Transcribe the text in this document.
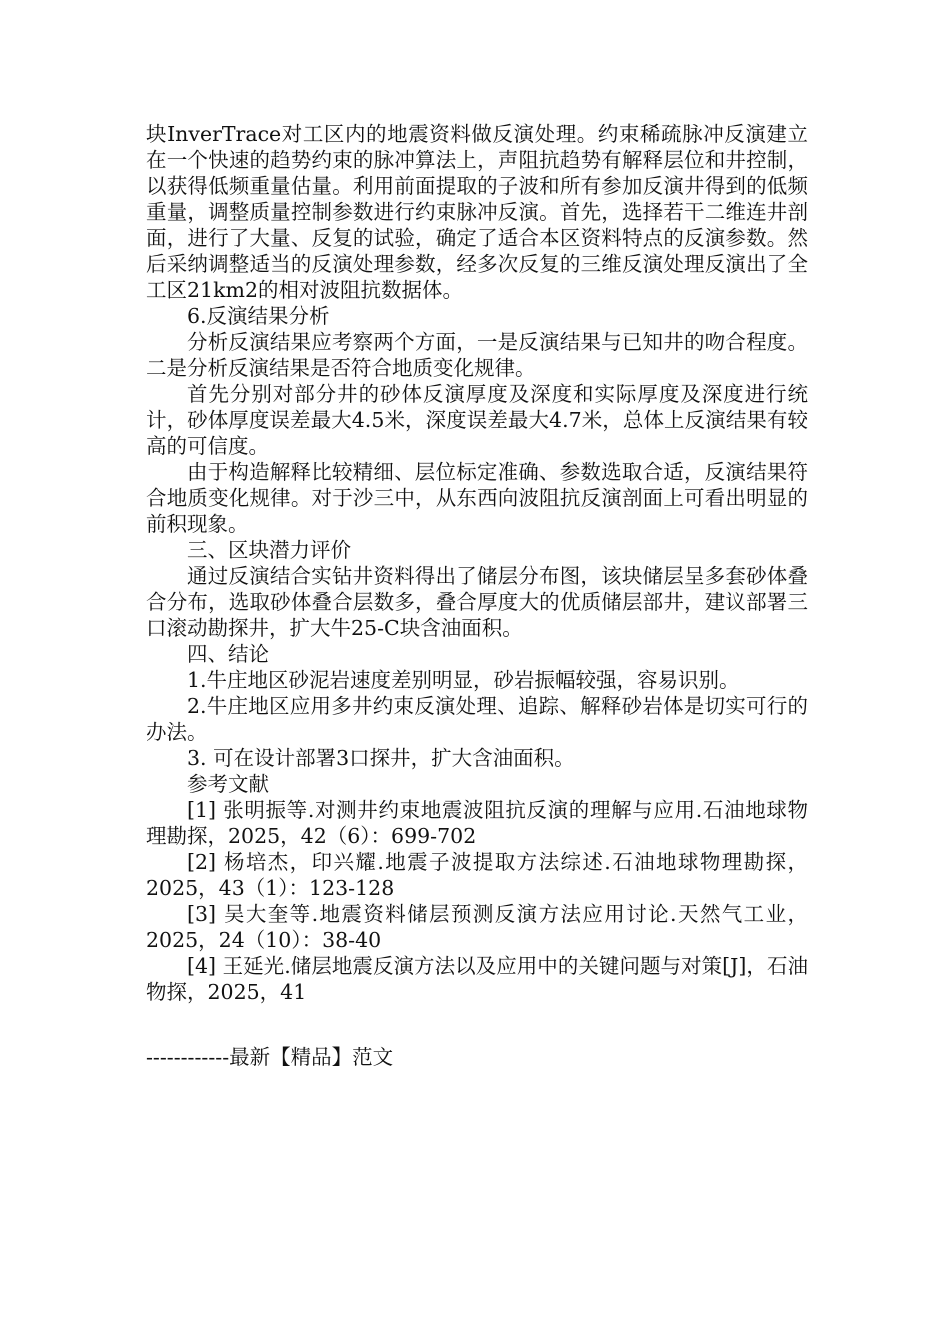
块InverTrace对工区内的地震资料做反演处理。约束稀疏脉冲反演建立在一个快速的趋势约束的脉冲算法上，声阻抗趋势有解释层位和井控制，以获得低频重量估量。利用前面提取的子波和所有参加反演井得到的低频重量，调整质量控制参数进行约束脉冲反演。首先，选择若干二维连井剖面，进行了大量、反复的试验，确定了适合本区资料特点的反演参数。然后采纳调整适当的反演处理参数，经多次反复的三维反演处理反演出了全工区21km2的相对波阻抗数据体。

6.反演结果分析

分析反演结果应考察两个方面，一是反演结果与已知井的吻合程度。二是分析反演结果是否符合地质变化规律。

首先分别对部分井的砂体反演厚度及深度和实际厚度及深度进行统计，砂体厚度误差最大4.5米，深度误差最大4.7米，总体上反演结果有较高的可信度。

由于构造解释比较精细、层位标定准确、参数选取合适，反演结果符合地质变化规律。对于沙三中，从东西向波阻抗反演剖面上可看出明显的前积现象。

三、区块潜力评价

通过反演结合实钻井资料得出了储层分布图，该块储层呈多套砂体叠合分布，选取砂体叠合层数多，叠合厚度大的优质储层部井，建议部署三口滚动勘探井，扩大牛25-C块含油面积。

四、结论

1.牛庄地区砂泥岩速度差别明显，砂岩振幅较强，容易识别。

2.牛庄地区应用多井约束反演处理、追踪、解释砂岩体是切实可行的办法。

3. 可在设计部署3口探井，扩大含油面积。

参考文献

[1] 张明振等.对测井约束地震波阻抗反演的理解与应用.石油地球物理勘探，2025，42（6）：699-702

[2] 杨培杰，印兴耀.地震子波提取方法综述.石油地球物理勘探，2025，43（1）：123-128

[3] 吴大奎等.地震资料储层预测反演方法应用讨论.天然气工业，2025，24（10）：38-40

[4] 王延光.储层地震反演方法以及应用中的关键问题与对策[J]，石油物探，2025，41

------------最新【精品】范文
